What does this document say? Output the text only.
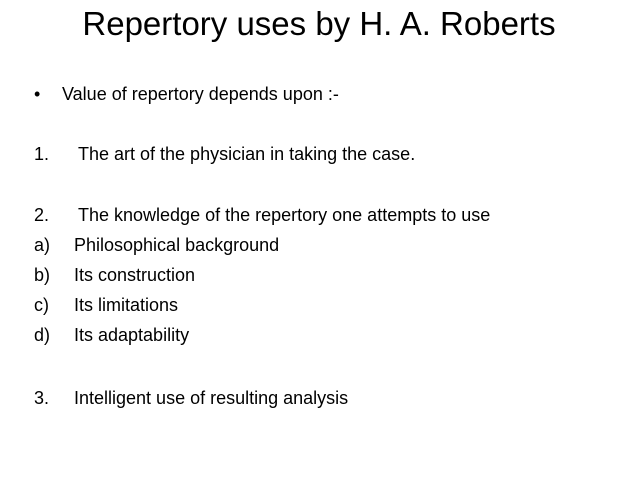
Repertory uses by H. A. Roberts
• Value of repertory depends upon :-
1. The art of the physician in taking the case.
2. The knowledge of the repertory one attempts to use
a) Philosophical background
b) Its construction
c) Its limitations
d) Its adaptability
3. Intelligent use of resulting analysis
